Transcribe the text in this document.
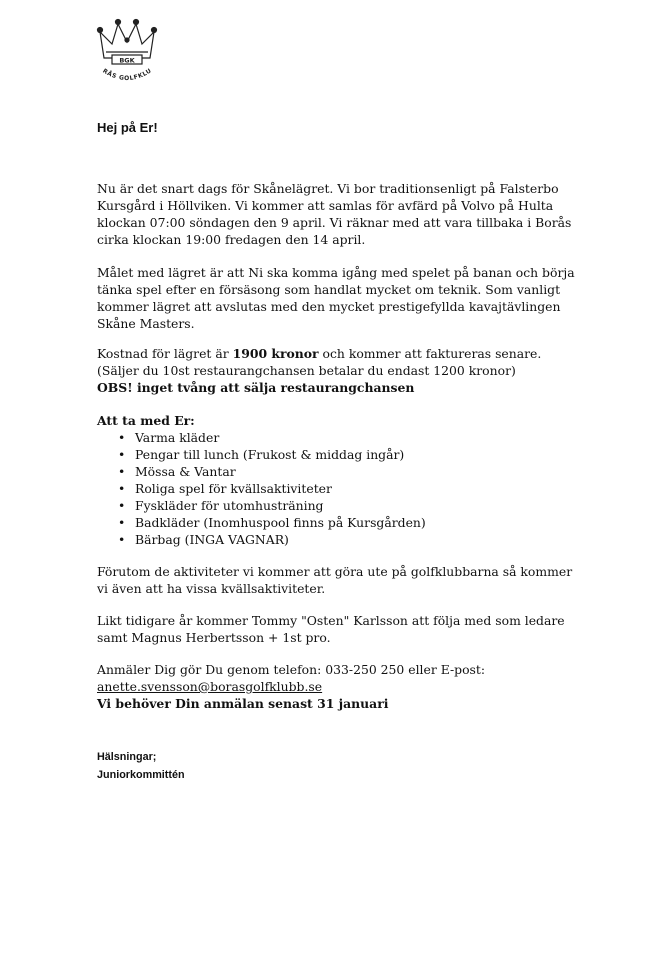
BGK
RÅS GOLFKLU
Hej på Er!
Nu är det snart dags för Skånelägret. Vi bor traditionsenligt på Falsterbo
Kursgård i Höllviken. Vi kommer att samlas för avfärd på Volvo på Hulta
klockan 07:00 söndagen den 9 april. Vi räknar med att vara tillbaka i Borås
cirka klockan 19:00 fredagen den 14 april.
Målet med lägret är att Ni ska komma igång med spelet på banan och börja
tänka spel efter en försäsong som handlat mycket om teknik. Som vanligt
kommer lägret att avslutas med den mycket prestigefyllda kavajtävlingen
Skåne Masters.
Kostnad för lägret är 1900 kronor och kommer att faktureras senare.
(Säljer du 10st restaurangchansen betalar du endast 1200 kronor)
OBS! inget tvång att sälja restaurangchansen
Att ta med Er:
• Varma kläder
• Pengar till lunch (Frukost & middag ingår)
• Mössa & Vantar
• Roliga spel för kvällsaktiviteter
• Fyskläder för utomhusträning
• Badkläder (Inomhuspool finns på Kursgården)
• Bärbag (INGA VAGNAR)
Förutom de aktiviteter vi kommer att göra ute på golfklubbarna så kommer
vi även att ha vissa kvällsaktiviteter.
Likt tidigare år kommer Tommy "Osten" Karlsson att följa med som ledare
samt Magnus Herbertsson + 1st pro.
Anmäler Dig gör Du genom telefon: 033-250 250 eller E-post:
anette.svensson@borasgolfklubb.se
Vi behöver Din anmälan senast 31 januari
Hälsningar;
Juniorkommittén
